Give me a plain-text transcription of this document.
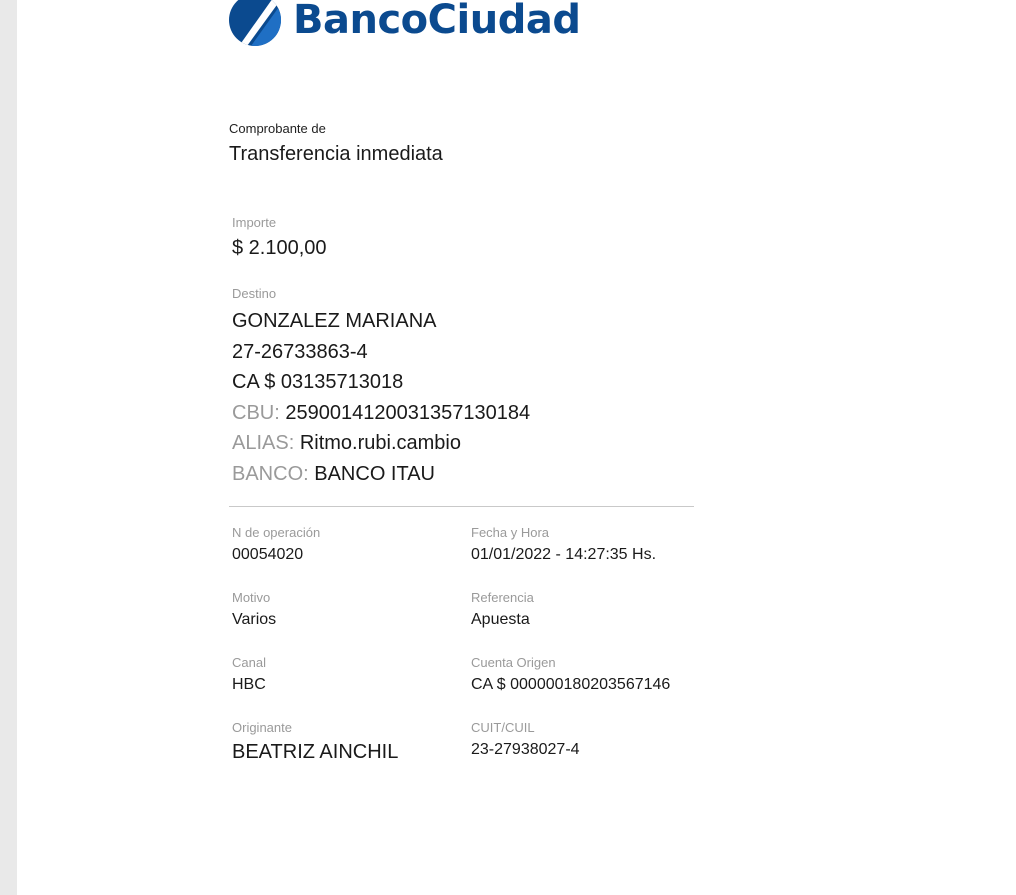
BancoCiudad
Comprobante de
Transferencia inmediata
Importe
$ 2.100,00
Destino
GONZALEZ MARIANA
27-26733863-4
CA $ 03135713018
CBU: 2590014120031357130184
ALIAS: Ritmo.rubi.cambio
BANCO: BANCO ITAU
N de operación
00054020
Fecha y Hora
01/01/2022 - 14:27:35 Hs.
Motivo
Varios
Referencia
Apuesta
Canal
HBC
Cuenta Origen
CA $ 000000180203567146
Originante
BEATRIZ AINCHIL
CUIT/CUIL
23-27938027-4
